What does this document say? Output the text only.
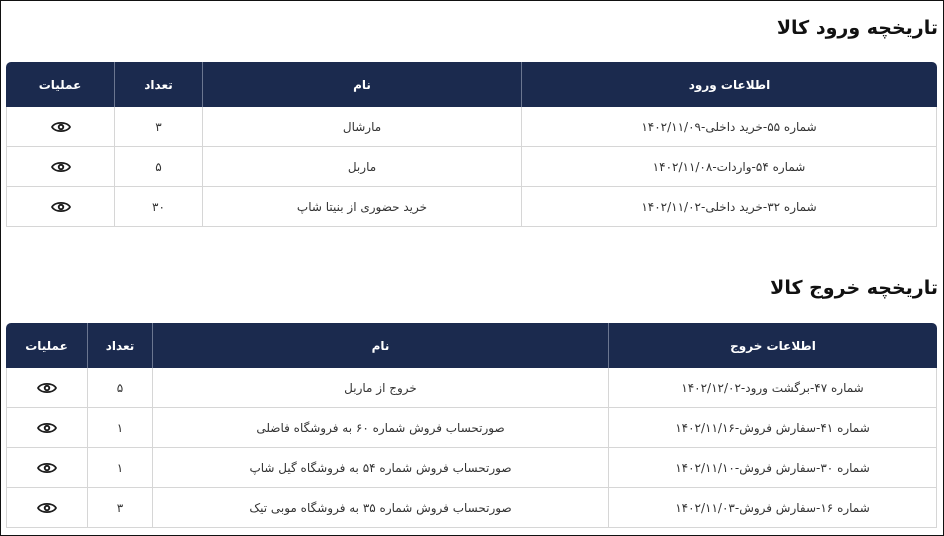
تاریخچه ورود کالا
اطلاعات ورود	نام	تعداد	عملیات
شماره ۵۵-خرید داخلی-۱۴۰۲/۱۱/۰۹	مارشال	۳	

شماره ۵۴-واردات-۱۴۰۲/۱۱/۰۸	ماربل	۵	

شماره ۳۲-خرید داخلی-۱۴۰۲/۱۱/۰۲	خرید حضوری از بنیتا شاپ	۳۰	
تاریخچه خروج کالا
اطلاعات خروج	نام	تعداد	عملیات
شماره ۴۷-برگشت ورود-۱۴۰۲/۱۲/۰۲	خروج از ماربل	۵	

شماره ۴۱-سفارش فروش-۱۴۰۲/۱۱/۱۶	صورتحساب فروش شماره ۶۰ به فروشگاه فاضلی	۱	

شماره ۳۰-سفارش فروش-۱۴۰۲/۱۱/۱۰	صورتحساب فروش شماره ۵۴ به فروشگاه گیل شاپ	۱	

شماره ۱۶-سفارش فروش-۱۴۰۲/۱۱/۰۳	صورتحساب فروش شماره ۳۵ به فروشگاه موبی تیک	۳	
